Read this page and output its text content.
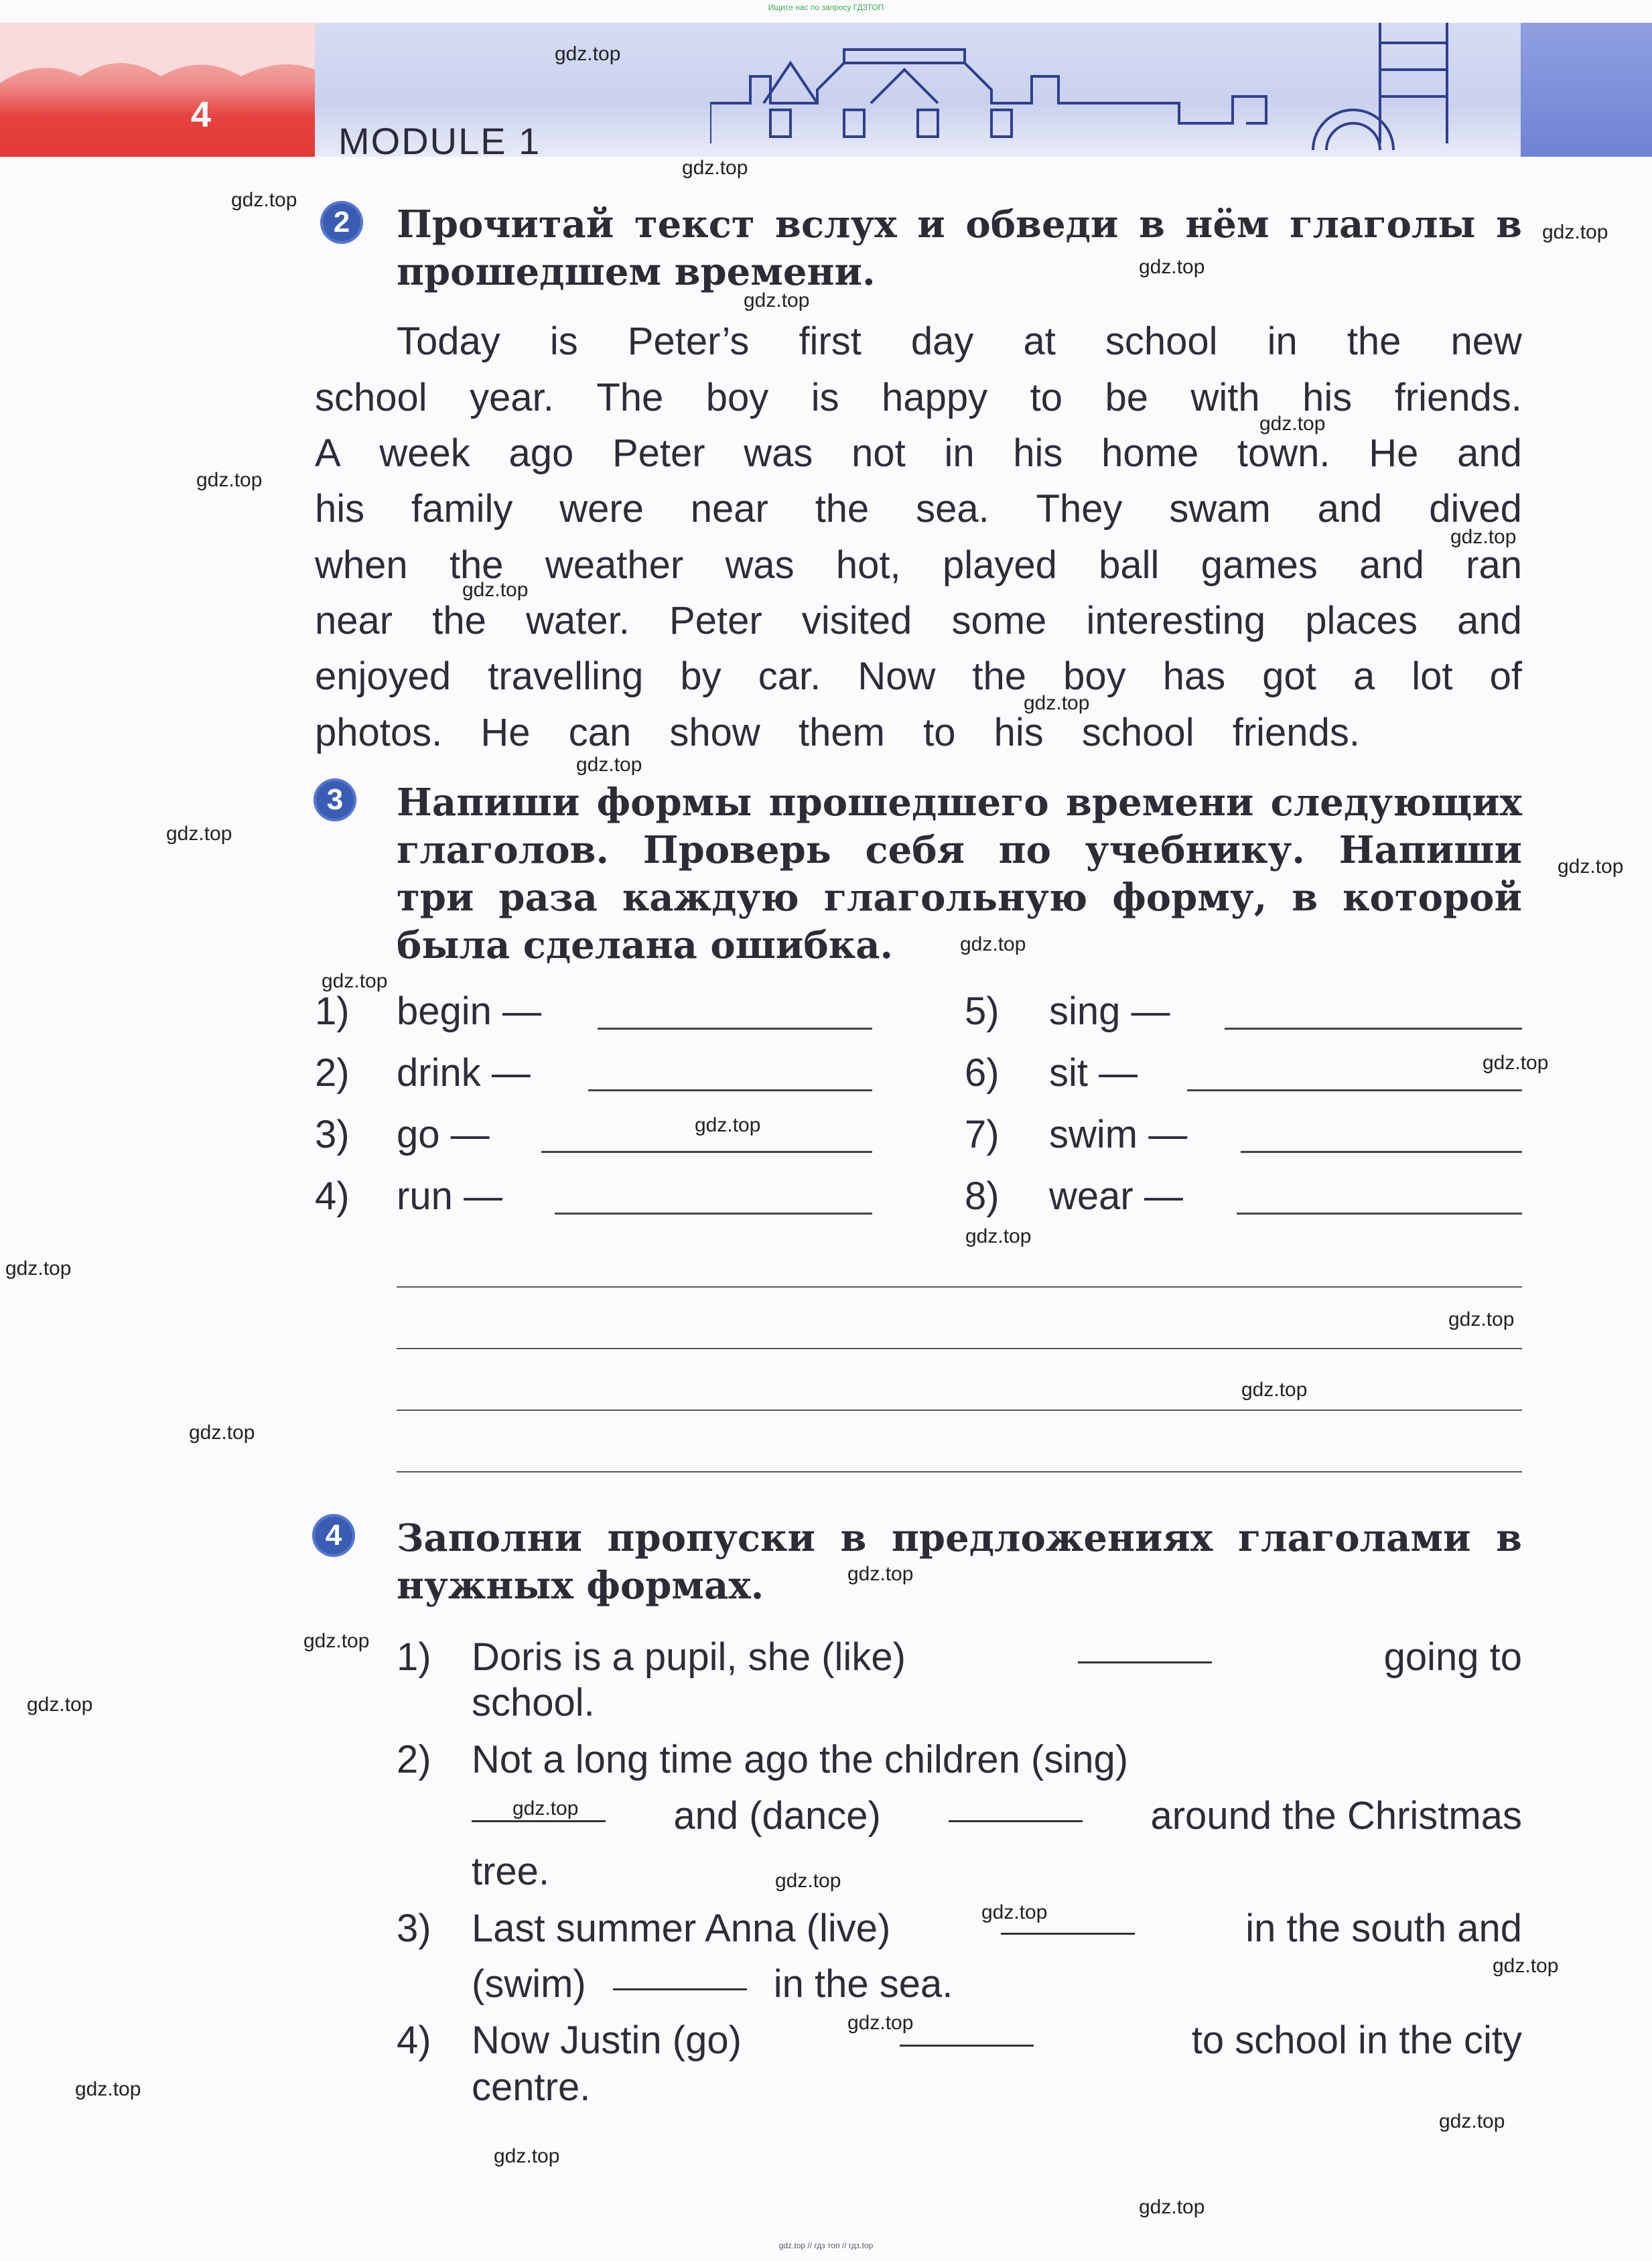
Ищите нас по запросу ГДЗТОП
4
MODULE 1
gdz.top
gdz.top
gdz.top
gdz.top
gdz.top
gdz.top
gdz.top
gdz.top
gdz.top
gdz.top
gdz.top
gdz.top
gdz.top
gdz.top
gdz.top
gdz.top
gdz.top
gdz.top
gdz.top
gdz.top
gdz.top
gdz.top
gdz.top
gdz.top
gdz.top
gdz.top
gdz.top
gdz.top
gdz.top
gdz.top
gdz.top
gdz.top
gdz.top
gdz.top
gdz.top
2	Прочитай текст вслух и обведи в нём глаголы в
прошедшем времени.
Today is Peter’s first day at school in the new
school year. The boy is happy to be with his friends.
A week ago Peter was not in his home town. He and
his family were near the sea. They swam and dived
when the weather was hot, played ball games and ran
near the water. Peter visited some interesting places and
enjoyed travelling by car. Now the boy has got a lot of
photos. He can show them to his school friends.
3	Напиши формы прошедшего времени следующих
глаголов. Проверь себя по учебнику. Напиши
три раза каждую глагольную форму, в которой
была сделана ошибка.
1) begin —
2) drink —
3) go —
4) run —
5) sing —
6) sit —
7) swim —
8) wear —
4	Заполни пропуски в предложениях глаголами в
нужных формах.
1) Doris is a pupil, she (like)	going to
school.
2) Not a long time ago the children (sing)
and (dance)	around the Christmas
tree.
3) Last summer Anna (live)	in the south and
(swim)	in the sea.
4) Now Justin (go)	to school in the city
centre.
gdz.top // гдз топ // гдз.top
